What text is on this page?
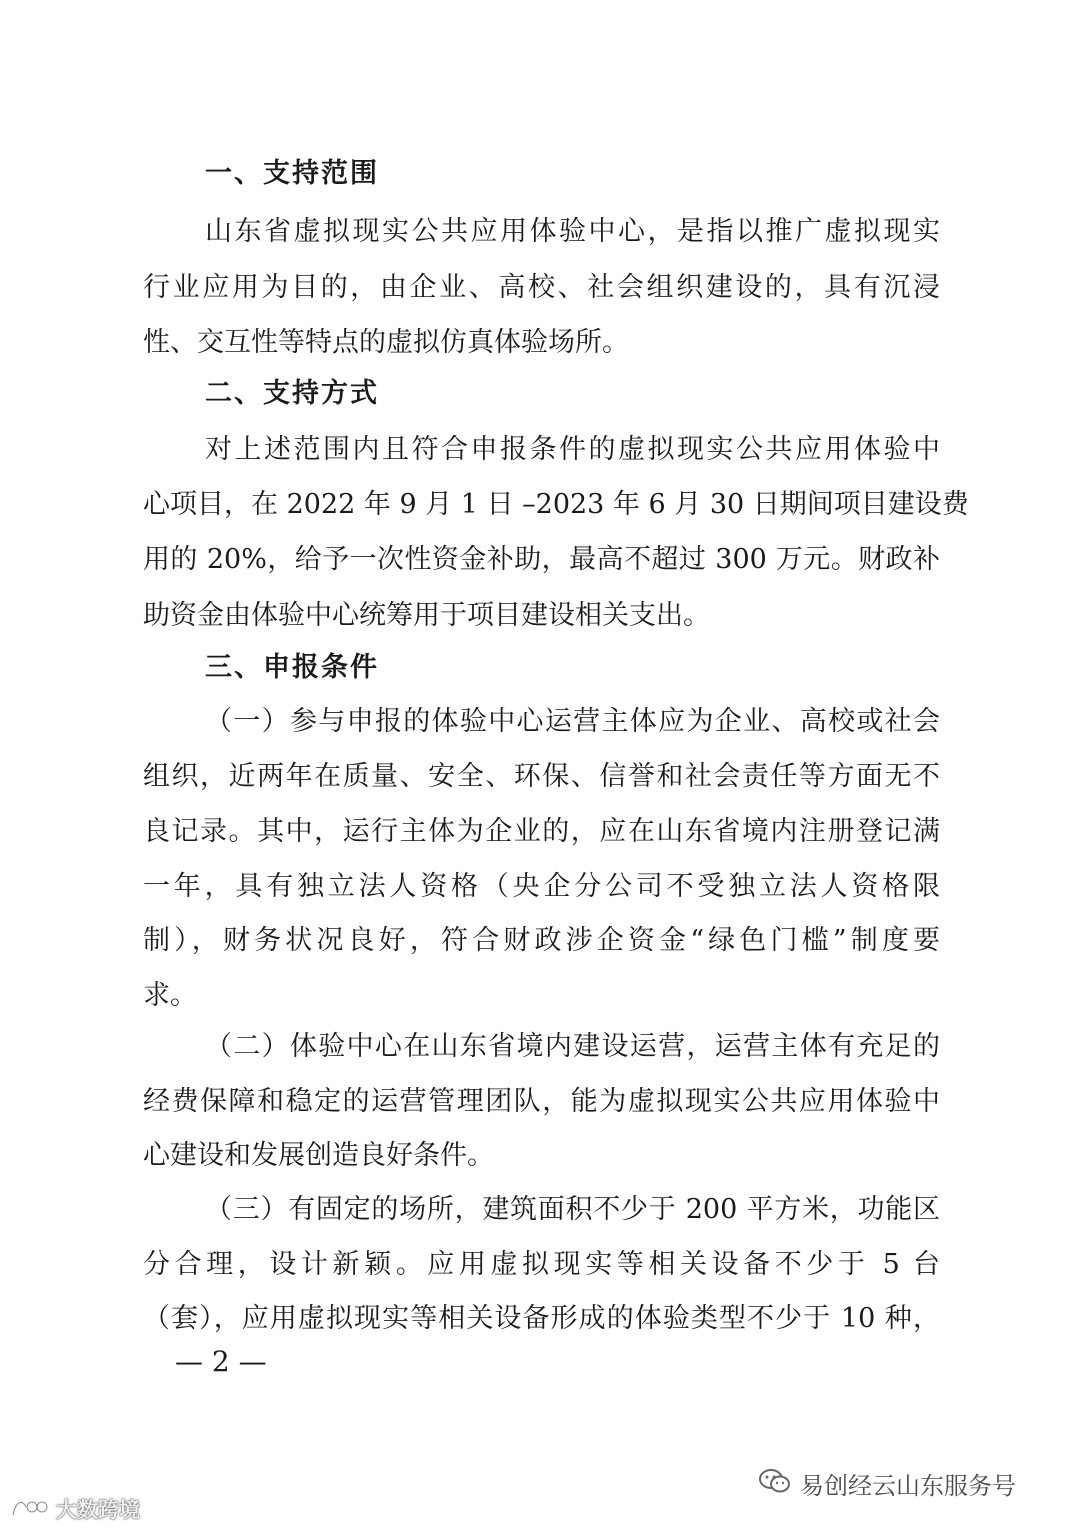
一、支持范围
山东省虚拟现实公共应用体验中心，是指以推广虚拟现实
行业应用为目的，由企业、高校、社会组织建设的，具有沉浸
性、交互性等特点的虚拟仿真体验场所。
二、支持方式
对上述范围内且符合申报条件的虚拟现实公共应用体验中
心项目，在 2022 年 9 月 1 日 –2023 年 6 月 30 日期间项目建设费
用的 20%，给予一次性资金补助，最高不超过 300 万元。财政补
助资金由体验中心统筹用于项目建设相关支出。
三、申报条件
（一）参与申报的体验中心运营主体应为企业、高校或社会
组织，近两年在质量、安全、环保、信誉和社会责任等方面无不
良记录。其中，运行主体为企业的，应在山东省境内注册登记满
一年，具有独立法人资格（央企分公司不受独立法人资格限
制），财务状况良好，符合财政涉企资金“绿色门槛”制度要
求。
（二）体验中心在山东省境内建设运营，运营主体有充足的
经费保障和稳定的运营管理团队，能为虚拟现实公共应用体验中
心建设和发展创造良好条件。
（三）有固定的场所，建筑面积不少于 200 平方米，功能区
分合理，设计新颖。应用虚拟现实等相关设备不少于 5 台
（套），应用虚拟现实等相关设备形成的体验类型不少于 10 种，
— 2 —
易创经云山东服务号
大数跨境
